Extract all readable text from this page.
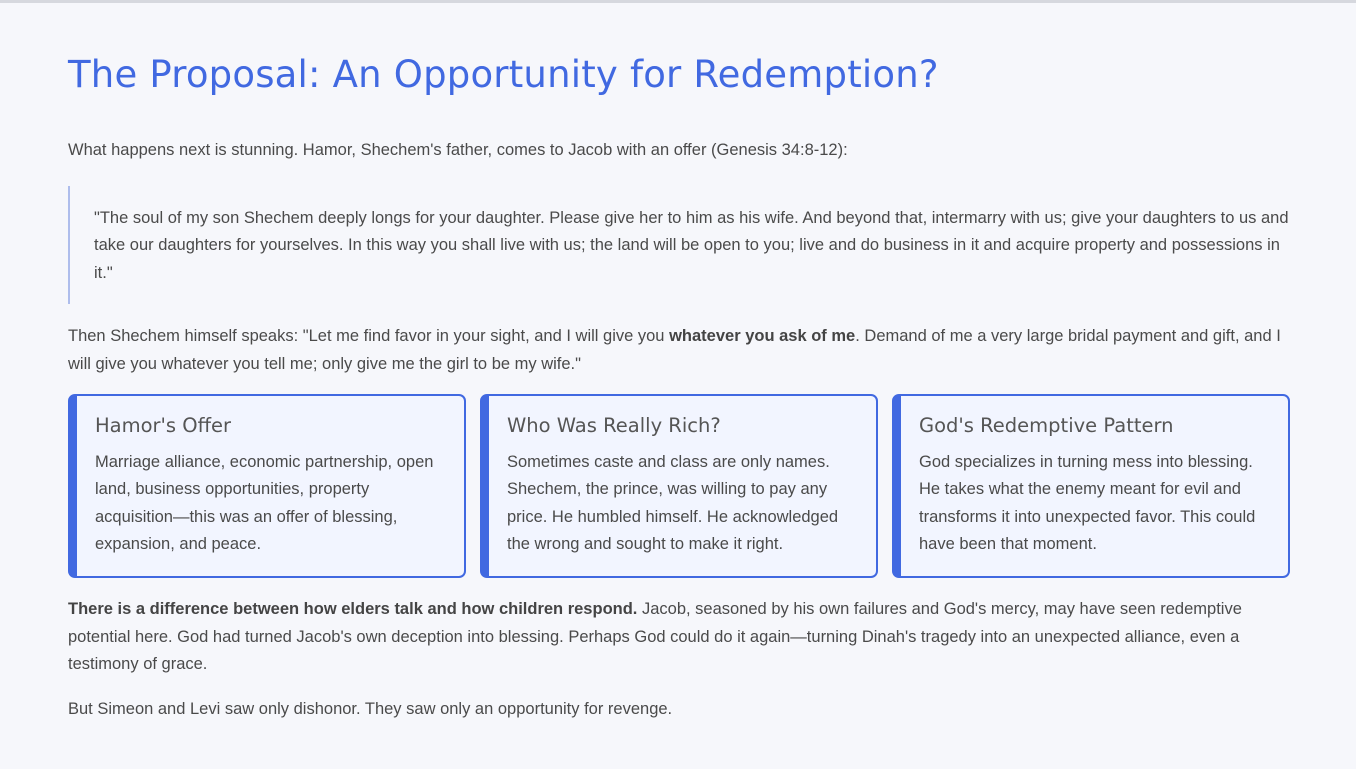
The Proposal: An Opportunity for Redemption?

What happens next is stunning. Hamor, Shechem's father, comes to Jacob with an offer (Genesis 34:8-12):

"The soul of my son Shechem deeply longs for your daughter. Please give her to him as his wife. And beyond that, intermarry with us; give your daughters to us and take our daughters for yourselves. In this way you shall live with us; the land will be open to you; live and do business in it and acquire property and possessions in it."

Then Shechem himself speaks: "Let me find favor in your sight, and I will give you whatever you ask of me. Demand of me a very large bridal payment and gift, and I will give you whatever you tell me; only give me the girl to be my wife."

Hamor's Offer

Marriage alliance, economic partnership, open land, business opportunities, property acquisition—this was an offer of blessing, expansion, and peace.

Who Was Really Rich?

Sometimes caste and class are only names. Shechem, the prince, was willing to pay any price. He humbled himself. He acknowledged the wrong and sought to make it right.

God's Redemptive Pattern

God specializes in turning mess into blessing. He takes what the enemy meant for evil and transforms it into unexpected favor. This could have been that moment.

There is a difference between how elders talk and how children respond. Jacob, seasoned by his own failures and God's mercy, may have seen redemptive potential here. God had turned Jacob's own deception into blessing. Perhaps God could do it again—turning Dinah's tragedy into an unexpected alliance, even a testimony of grace.

But Simeon and Levi saw only dishonor. They saw only an opportunity for revenge.
